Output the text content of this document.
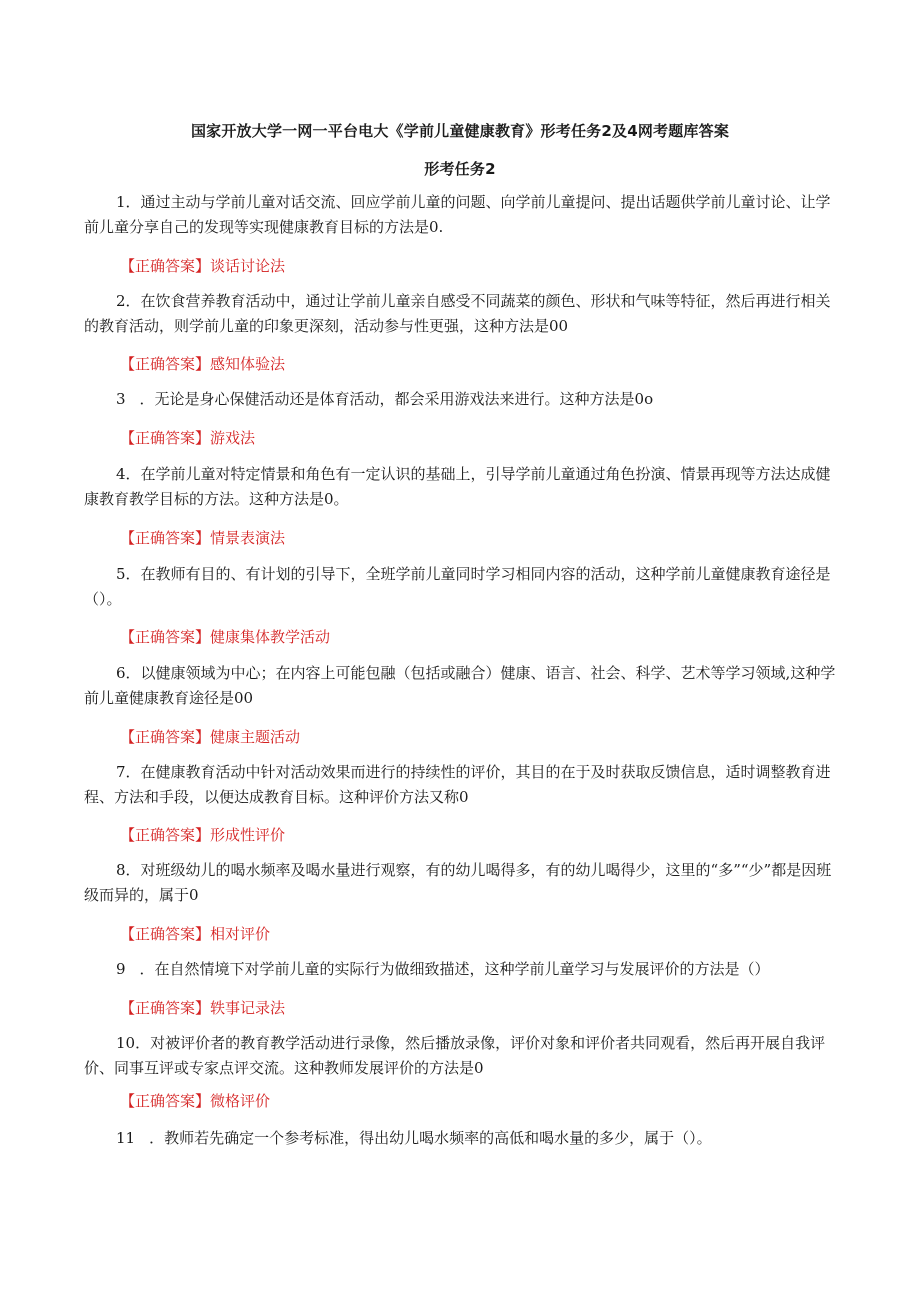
国家开放大学一网一平台电大《学前儿童健康教育》形考任务2及4网考题库答案
形考任务2
1．通过主动与学前儿童对话交流、回应学前儿童的问题、向学前儿童提问、提出话题供学前儿童讨论、让学前儿童分享自己的发现等实现健康教育目标的方法是0.
【正确答案】谈话讨论法
2．在饮食营养教育活动中，通过让学前儿童亲自感受不同蔬菜的颜色、形状和气味等特征，然后再进行相关的教育活动，则学前儿童的印象更深刻，活动参与性更强，这种方法是00
【正确答案】感知体验法
3 ．无论是身心保健活动还是体育活动，都会采用游戏法来进行。这种方法是0o
【正确答案】游戏法
4．在学前儿童对特定情景和角色有一定认识的基础上，引导学前儿童通过角色扮演、情景再现等方法达成健康教育教学目标的方法。这种方法是0。
【正确答案】情景表演法
5．在教师有目的、有计划的引导下，全班学前儿童同时学习相同内容的活动，这种学前儿童健康教育途径是（）。
【正确答案】健康集体教学活动
6．以健康领域为中心；在内容上可能包融（包括或融合）健康、语言、社会、科学、艺术等学习领域,这种学前儿童健康教育途径是00
【正确答案】健康主题活动
7．在健康教育活动中针对活动效果而进行的持续性的评价，其目的在于及时获取反馈信息，适时调整教育进程、方法和手段，以便达成教育目标。这种评价方法又称0
【正确答案】形成性评价
8．对班级幼儿的喝水频率及喝水量进行观察，有的幼儿喝得多，有的幼儿喝得少，这里的“多”“少”都是因班级而异的，属于0
【正确答案】相对评价
9 ．在自然情境下对学前儿童的实际行为做细致描述，这种学前儿童学习与发展评价的方法是（）
【正确答案】轶事记录法
10．对被评价者的教育教学活动进行录像，然后播放录像，评价对象和评价者共同观看，然后再开展自我评价、同事互评或专家点评交流。这种教师发展评价的方法是0
【正确答案】微格评价
11 ．教师若先确定一个参考标准，得出幼儿喝水频率的高低和喝水量的多少，属于（）。
